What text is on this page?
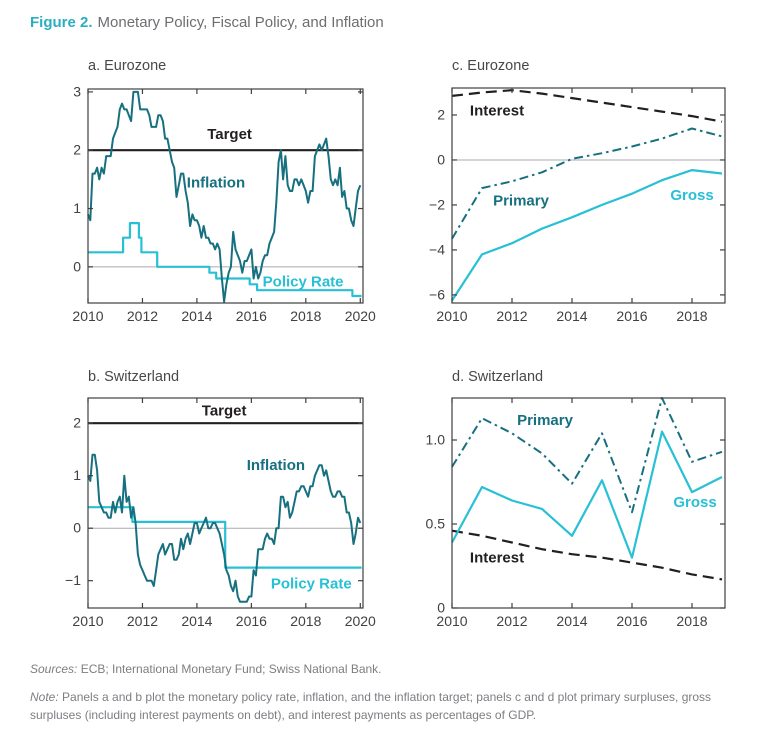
Figure 2. Monetary Policy, Fiscal Policy, and Inflation
a. Eurozone
b. Switzerland
c. Eurozone
d. Switzerland
2010 2012 2014 2016 2018 2020
0
1
2
3
Target
Inflation
Policy Rate
2010 2012 2014 2016 2018 2020
−1
0
1
2
Target
Inflation
Policy Rate
2010 2012 2014 2016 2018
−6
−4
−2
0
2 Interest
Primary	Gross
2010 2012 2014 2016 2018
0
0.5
1.0
Primary
Gross
Interest
Sources: ECB; International Monetary Fund; Swiss National Bank.
Note: Panels a and b plot the monetary policy rate, inflation, and the inflation target; panels c and d plot primary surpluses, gross surpluses (including interest payments on debt), and interest payments as percentages of GDP.
